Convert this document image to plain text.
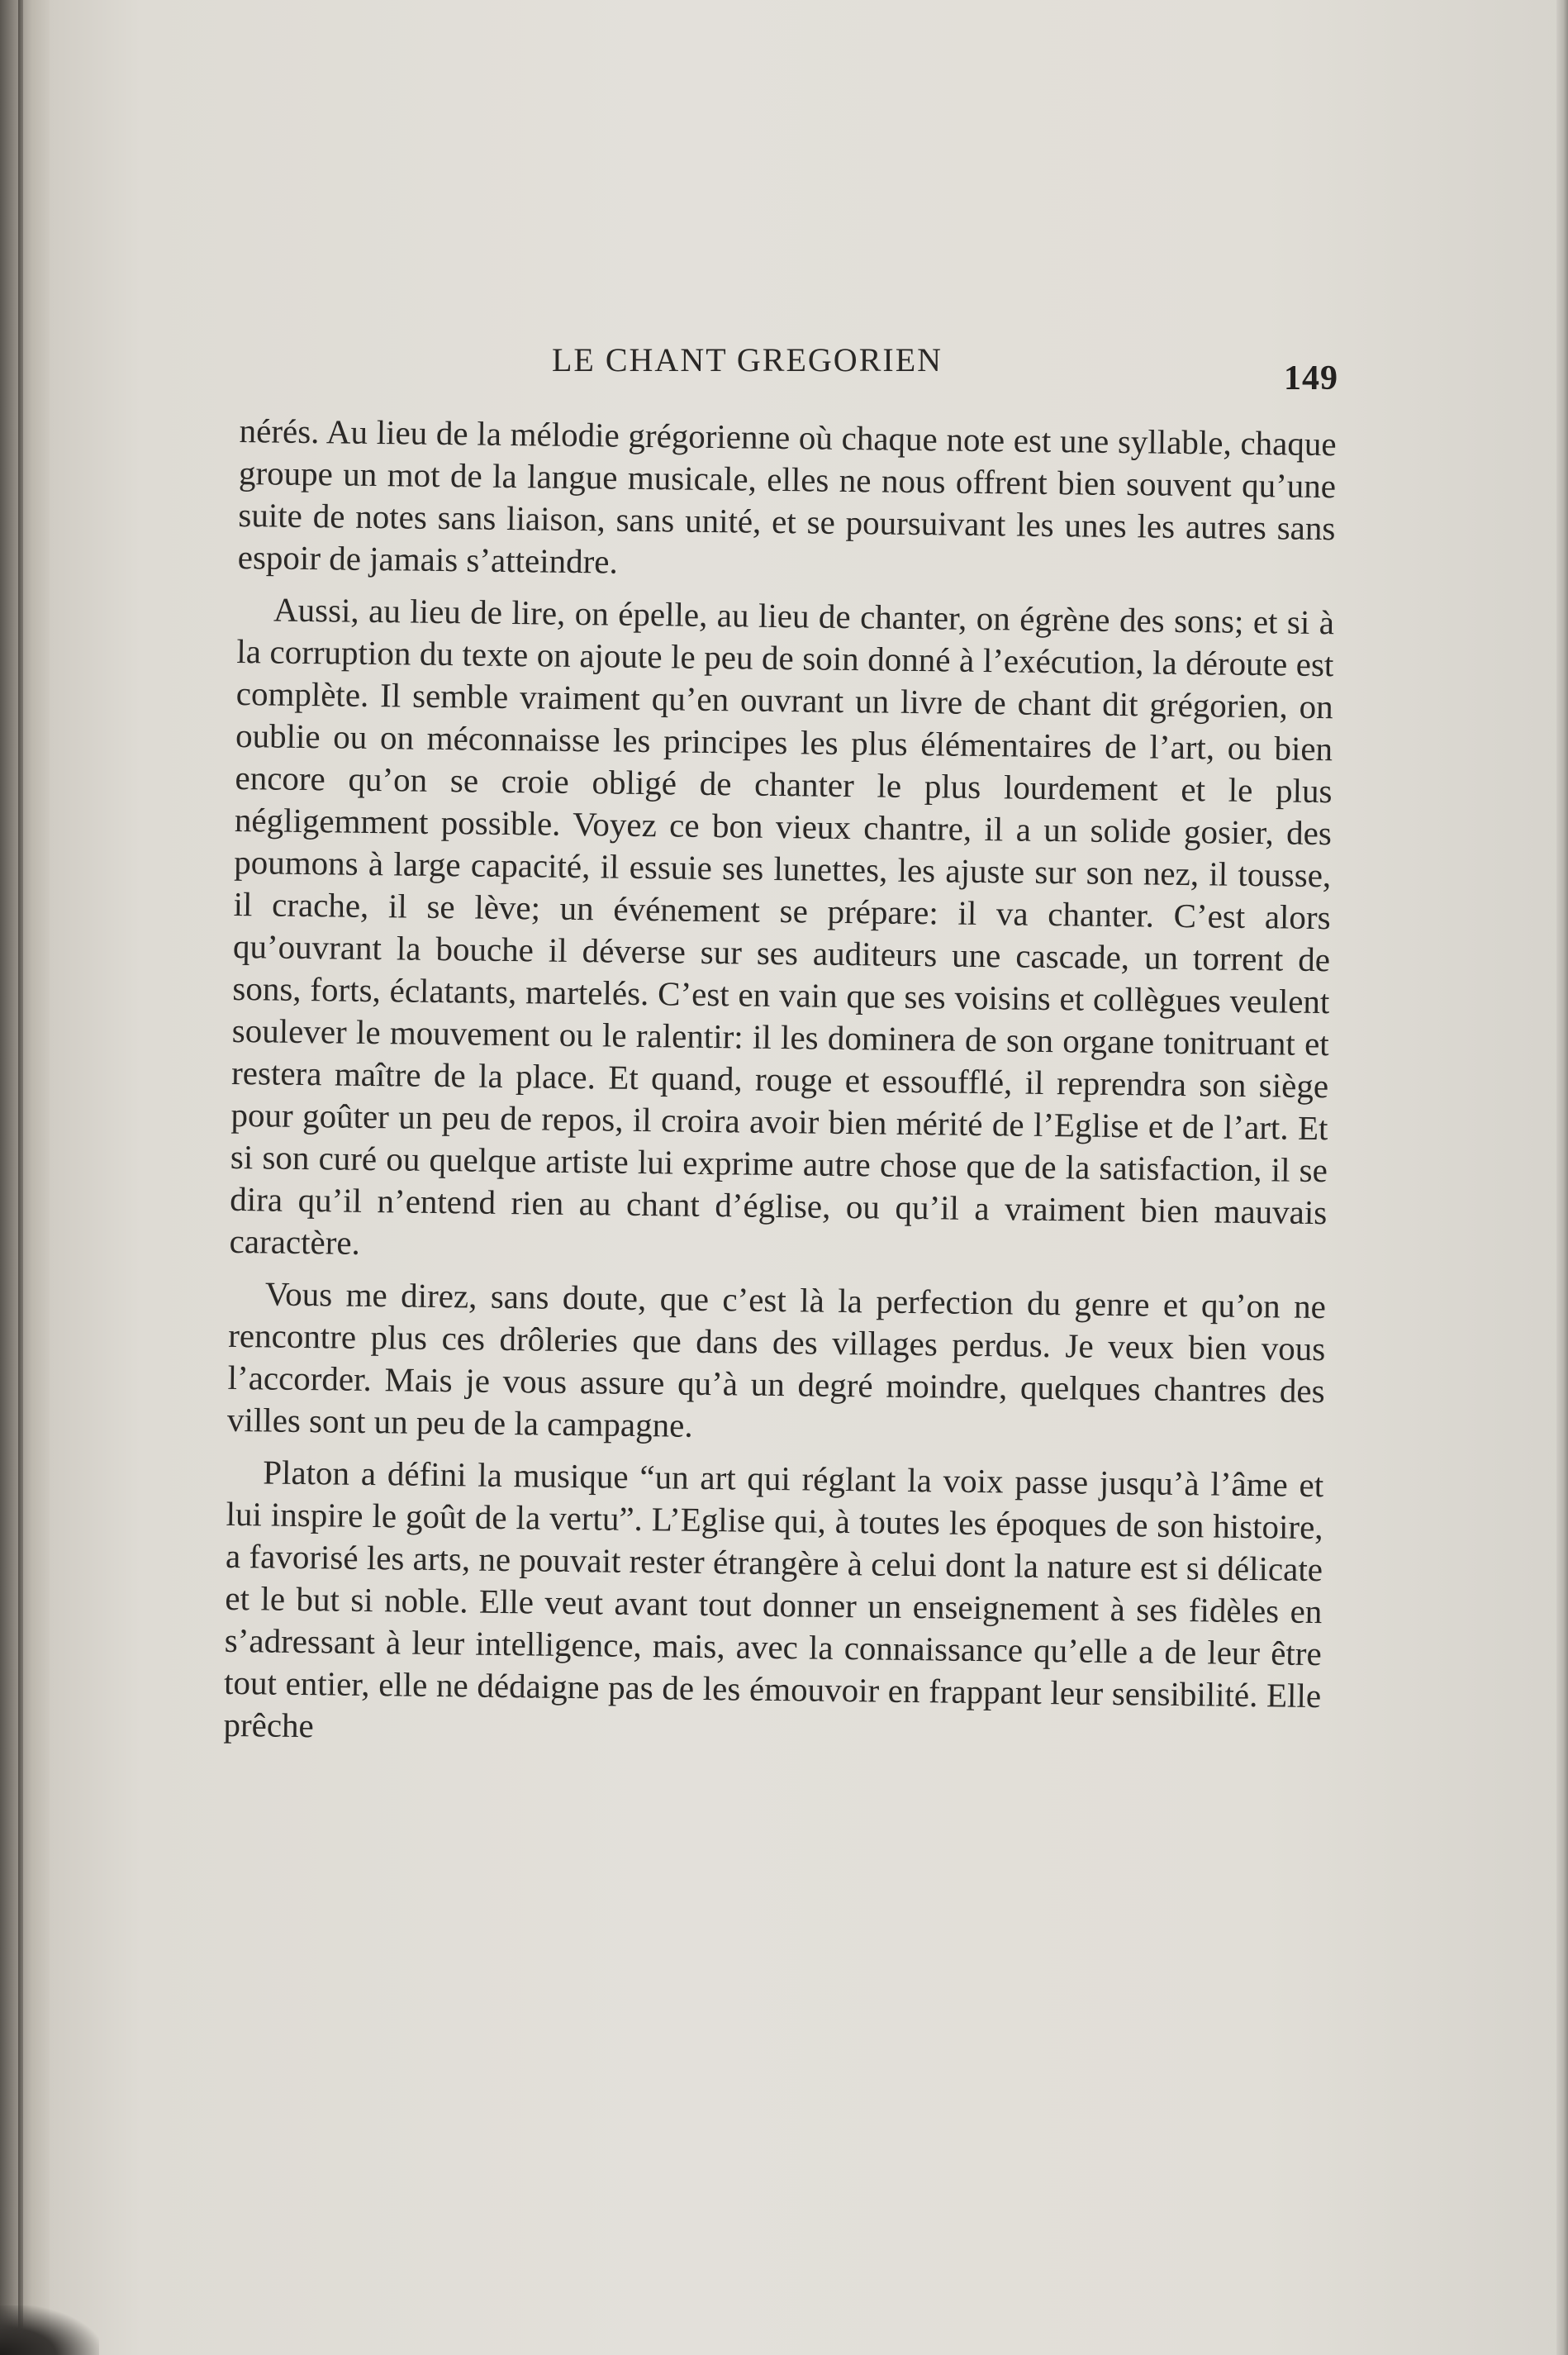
LE CHANT GREGORIEN	149

nérés. Au lieu de la mélodie grégorienne où chaque note est une syllable, chaque groupe un mot de la langue musicale, elles ne nous offrent bien souvent qu’une suite de notes sans liaison, sans unité, et se poursuivant les unes les autres sans espoir de jamais s’atteindre.

Aussi, au lieu de lire, on épelle, au lieu de chanter, on égrène des sons; et si à la corruption du texte on ajoute le peu de soin donné à l’exécution, la déroute est complète. Il semble vraiment qu’en ouvrant un livre de chant dit grégorien, on oublie ou on méconnaisse les principes les plus élémentaires de l’art, ou bien encore qu’on se croie obligé de chanter le plus lourdement et le plus négligemment possible. Voyez ce bon vieux chantre, il a un solide gosier, des poumons à large capacité, il essuie ses lunettes, les ajuste sur son nez, il tousse, il crache, il se lève; un événement se prépare: il va chanter. C’est alors qu’ouvrant la bouche il déverse sur ses auditeurs une cascade, un torrent de sons, forts, éclatants, martelés. C’est en vain que ses voisins et collègues veulent soulever le mouvement ou le ralentir: il les dominera de son organe tonitruant et restera maître de la place. Et quand, rouge et essoufflé, il reprendra son siège pour goûter un peu de repos, il croira avoir bien mérité de l’Eglise et de l’art. Et si son curé ou quelque artiste lui exprime autre chose que de la satisfaction, il se dira qu’il n’entend rien au chant d’église, ou qu’il a vraiment bien mauvais caractère.

Vous me direz, sans doute, que c’est là la perfection du genre et qu’on ne rencontre plus ces drôleries que dans des villages perdus. Je veux bien vous l’accorder. Mais je vous assure qu’à un degré moindre, quelques chantres des villes sont un peu de la campagne.

Platon a défini la musique “un art qui réglant la voix passe jusqu’à l’âme et lui inspire le goût de la vertu”. L’Eglise qui, à toutes les époques de son histoire, a favorisé les arts, ne pouvait rester étrangère à celui dont la nature est si délicate et le but si noble. Elle veut avant tout donner un enseignement à ses fidèles en s’adressant à leur intelligence, mais, avec la connaissance qu’elle a de leur être tout entier, elle ne dédaigne pas de les émouvoir en frappant leur sensibilité. Elle prêche
